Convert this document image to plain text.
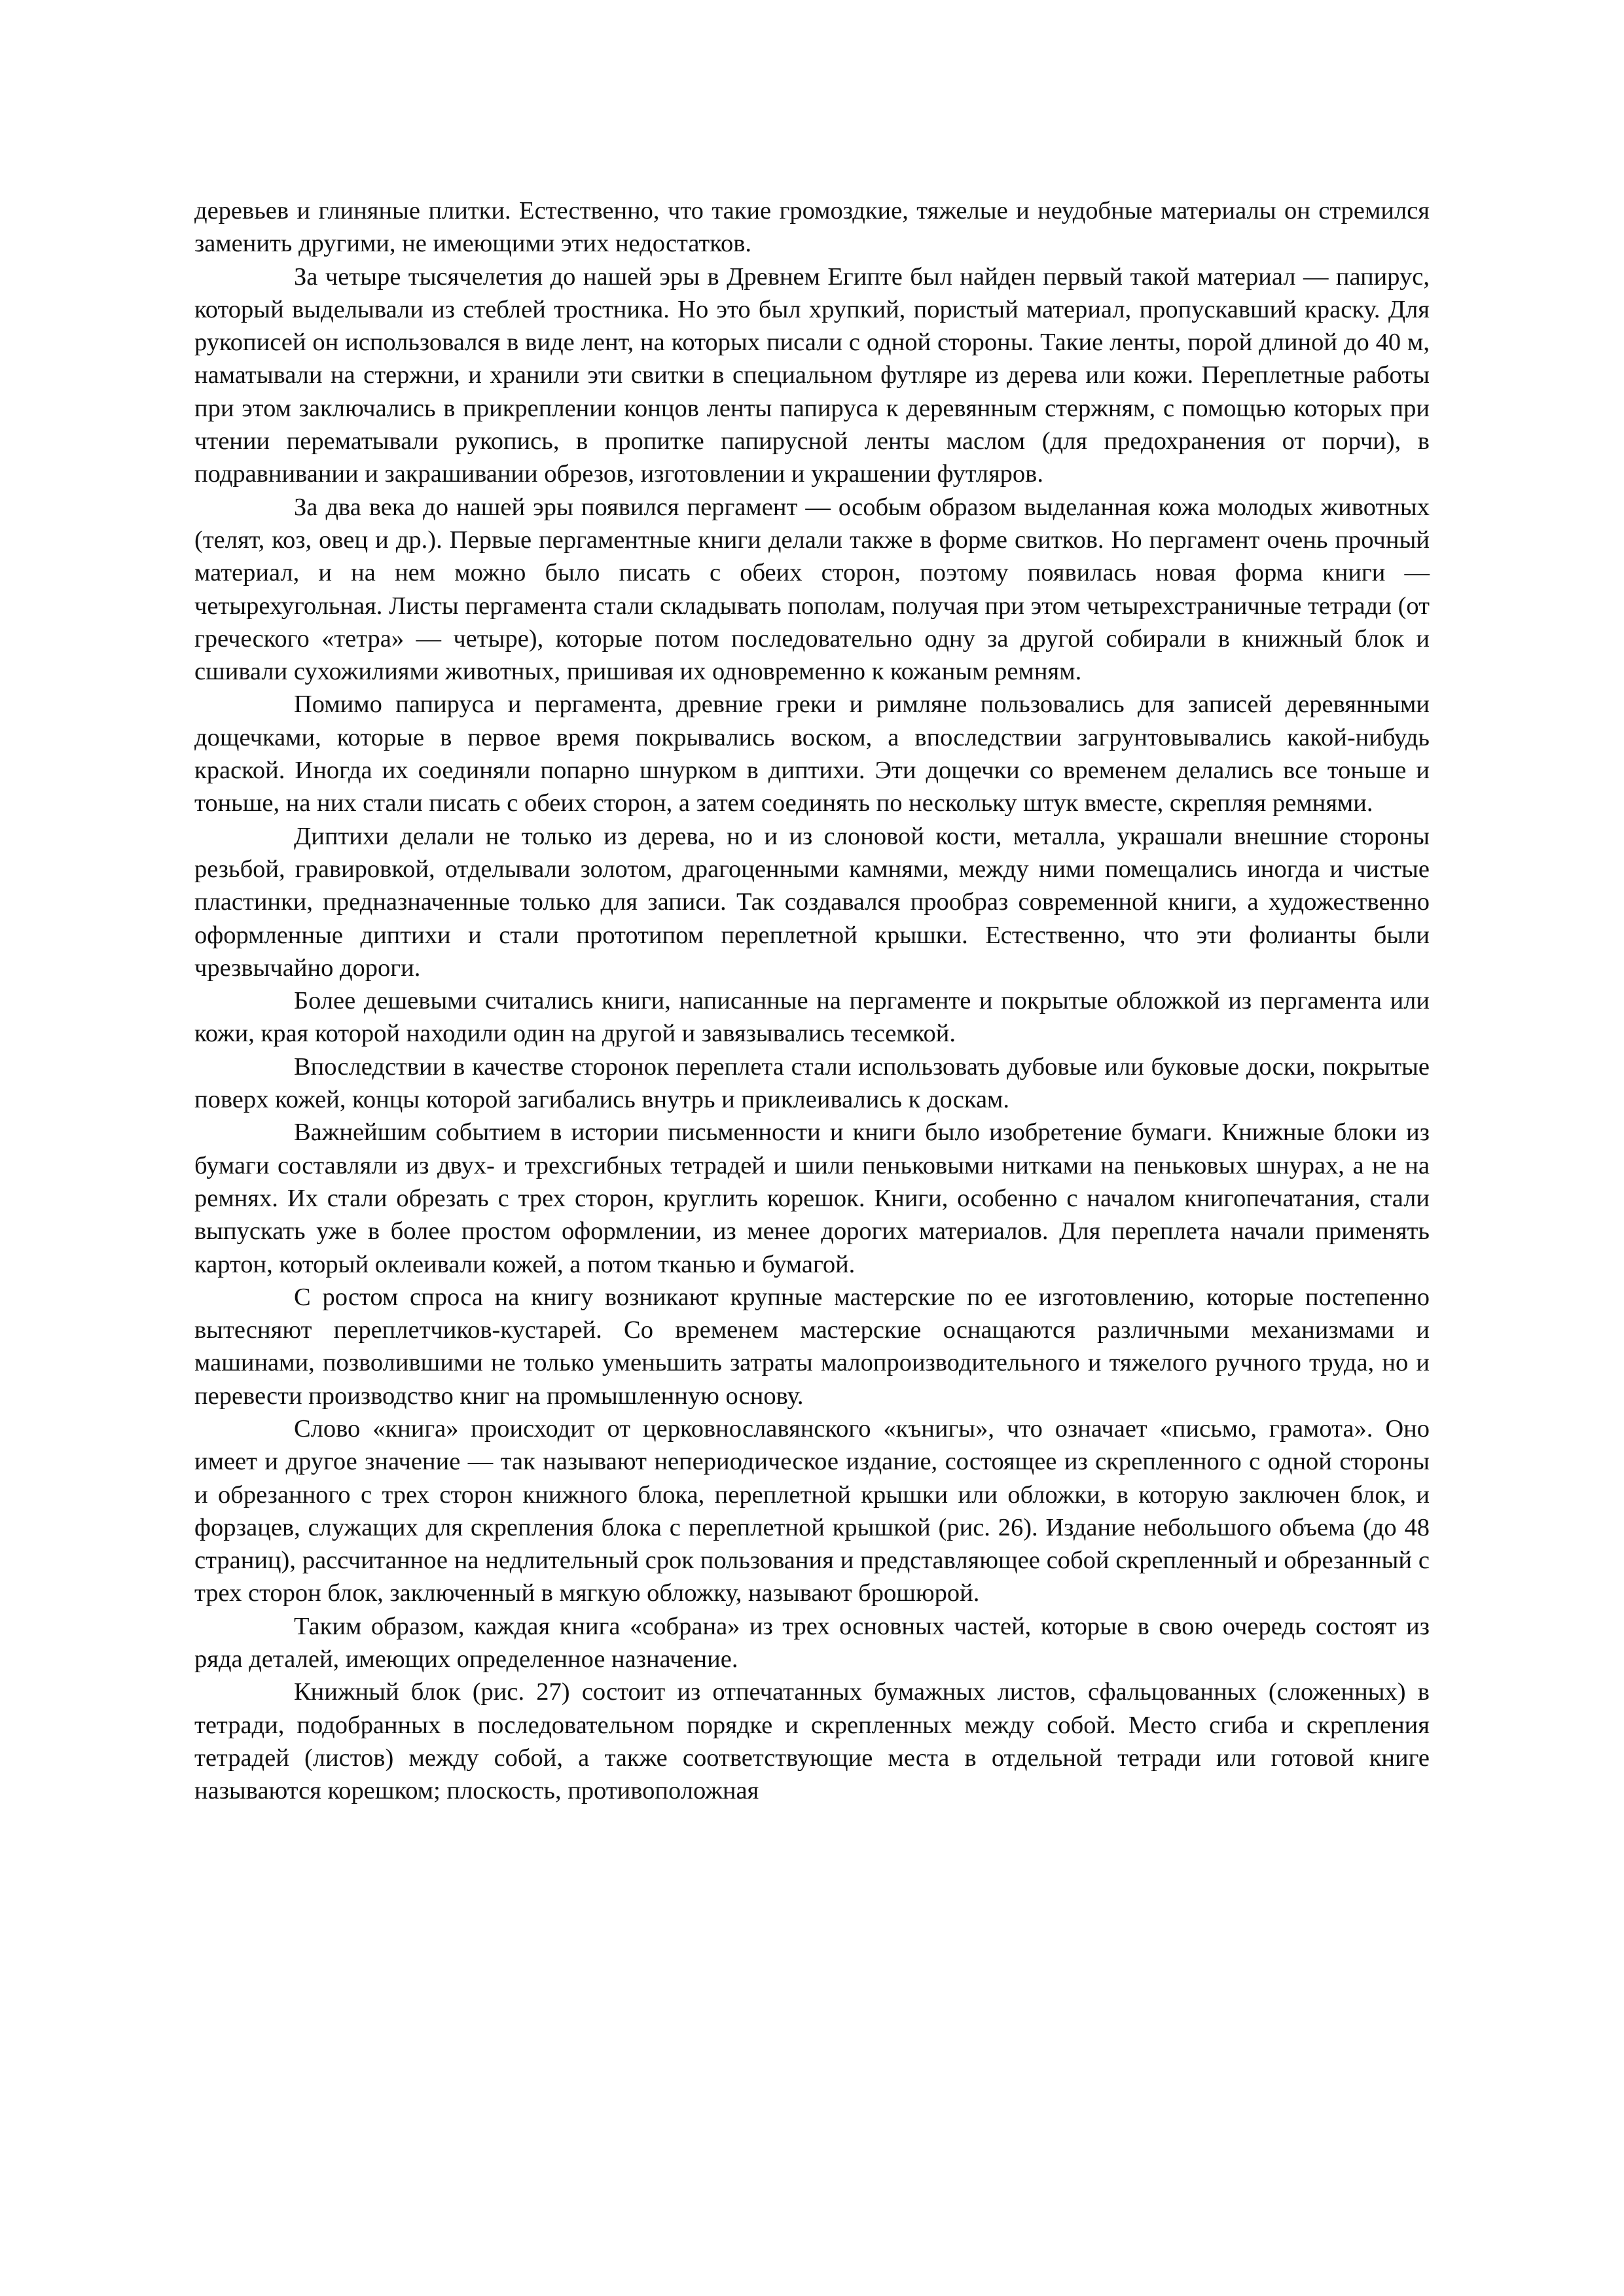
деревьев и глиняные плитки. Естественно, что такие громоздкие, тяжелые и неудобные материалы он стремился заменить другими, не имеющими этих недостатков.

За четыре тысячелетия до нашей эры в Древнем Египте был найден первый такой материал — папирус, который выделывали из стеблей тростника. Но это был хрупкий, пористый материал, пропускавший краску. Для рукописей он использовался в виде лент, на которых писали с одной стороны. Такие ленты, порой длиной до 40 м, наматывали на стержни, и хранили эти свитки в специальном футляре из дерева или кожи. Переплетные работы при этом заключались в прикреплении концов ленты папируса к деревянным стержням, с помощью которых при чтении перематывали рукопись, в пропитке папирусной ленты маслом (для предохранения от порчи), в подравнивании и закрашивании обрезов, изготовлении и украшении футляров.

За два века до нашей эры появился пергамент — особым образом выделанная кожа молодых животных (телят, коз, овец и др.). Первые пергаментные книги делали также в форме свитков. Но пергамент очень прочный материал, и на нем можно было писать с обеих сторон, поэтому появилась новая форма книги — четырехугольная. Листы пергамента стали складывать пополам, получая при этом четырехстраничные тетради (от греческого «тетра» — четыре), которые потом последовательно одну за другой собирали в книжный блок и сшивали сухожилиями животных, пришивая их одновременно к кожаным ремням.

Помимо папируса и пергамента, древние греки и римляне пользовались для записей деревянными дощечками, которые в первое время покрывались воском, а впоследствии загрунтовывались какой-нибудь краской. Иногда их соединяли попарно шнурком в диптихи. Эти дощечки со временем делались все тоньше и тоньше, на них стали писать с обеих сторон, а затем соединять по нескольку штук вместе, скрепляя ремнями.

Диптихи делали не только из дерева, но и из слоновой кости, металла, украшали внешние стороны резьбой, гравировкой, отделывали золотом, драгоценными камнями, между ними помещались иногда и чистые пластинки, предназначенные только для записи. Так создавался прообраз современной книги, а художественно оформленные диптихи и стали прототипом переплетной крышки. Естественно, что эти фолианты были чрезвычайно дороги.

Более дешевыми считались книги, написанные на пергаменте и покрытые обложкой из пергамента или кожи, края которой находили один на другой и завязывались тесемкой.

Впоследствии в качестве сторонок переплета стали использовать дубовые или буковые доски, покрытые поверх кожей, концы которой загибались внутрь и приклеивались к доскам.

Важнейшим событием в истории письменности и книги было изобретение бумаги. Книжные блоки из бумаги составляли из двух- и трехсгибных тетрадей и шили пеньковыми нитками на пеньковых шнурах, а не на ремнях. Их стали обрезать с трех сторон, круглить корешок. Книги, особенно с началом книгопечатания, стали выпускать уже в более простом оформлении, из менее дорогих материалов. Для переплета начали применять картон, который оклеивали кожей, а потом тканью и бумагой.

С ростом спроса на книгу возникают крупные мастерские по ее изготовлению, которые постепенно вытесняют переплетчиков-кустарей. Со временем мастерские оснащаются различными механизмами и машинами, позволившими не только уменьшить затраты малопроизводительного и тяжелого ручного труда, но и перевести производство книг на промышленную основу.

Слово «книга» происходит от церковнославянского «кънигы», что означает «письмо, грамота». Оно имеет и другое значение — так называют непериодическое издание, состоящее из скрепленного с одной стороны и обрезанного с трех сторон книжного блока, переплетной крышки или обложки, в которую заключен блок, и форзацев, служащих для скрепления блока с переплетной крышкой (рис. 26). Издание небольшого объема (до 48 страниц), рассчитанное на недлительный срок пользования и представляющее собой скрепленный и обрезанный с трех сторон блок, заключенный в мягкую обложку, называют брошюрой.

Таким образом, каждая книга «собрана» из трех основных частей, которые в свою очередь состоят из ряда деталей, имеющих определенное назначение.

Книжный блок (рис. 27) состоит из отпечатанных бумажных листов, сфальцованных (сложенных) в тетради, подобранных в последовательном порядке и скрепленных между собой. Место сгиба и скрепления тетрадей (листов) между собой, а также соответствующие места в отдельной тетради или готовой книге называются корешком; плоскость, противоположная
